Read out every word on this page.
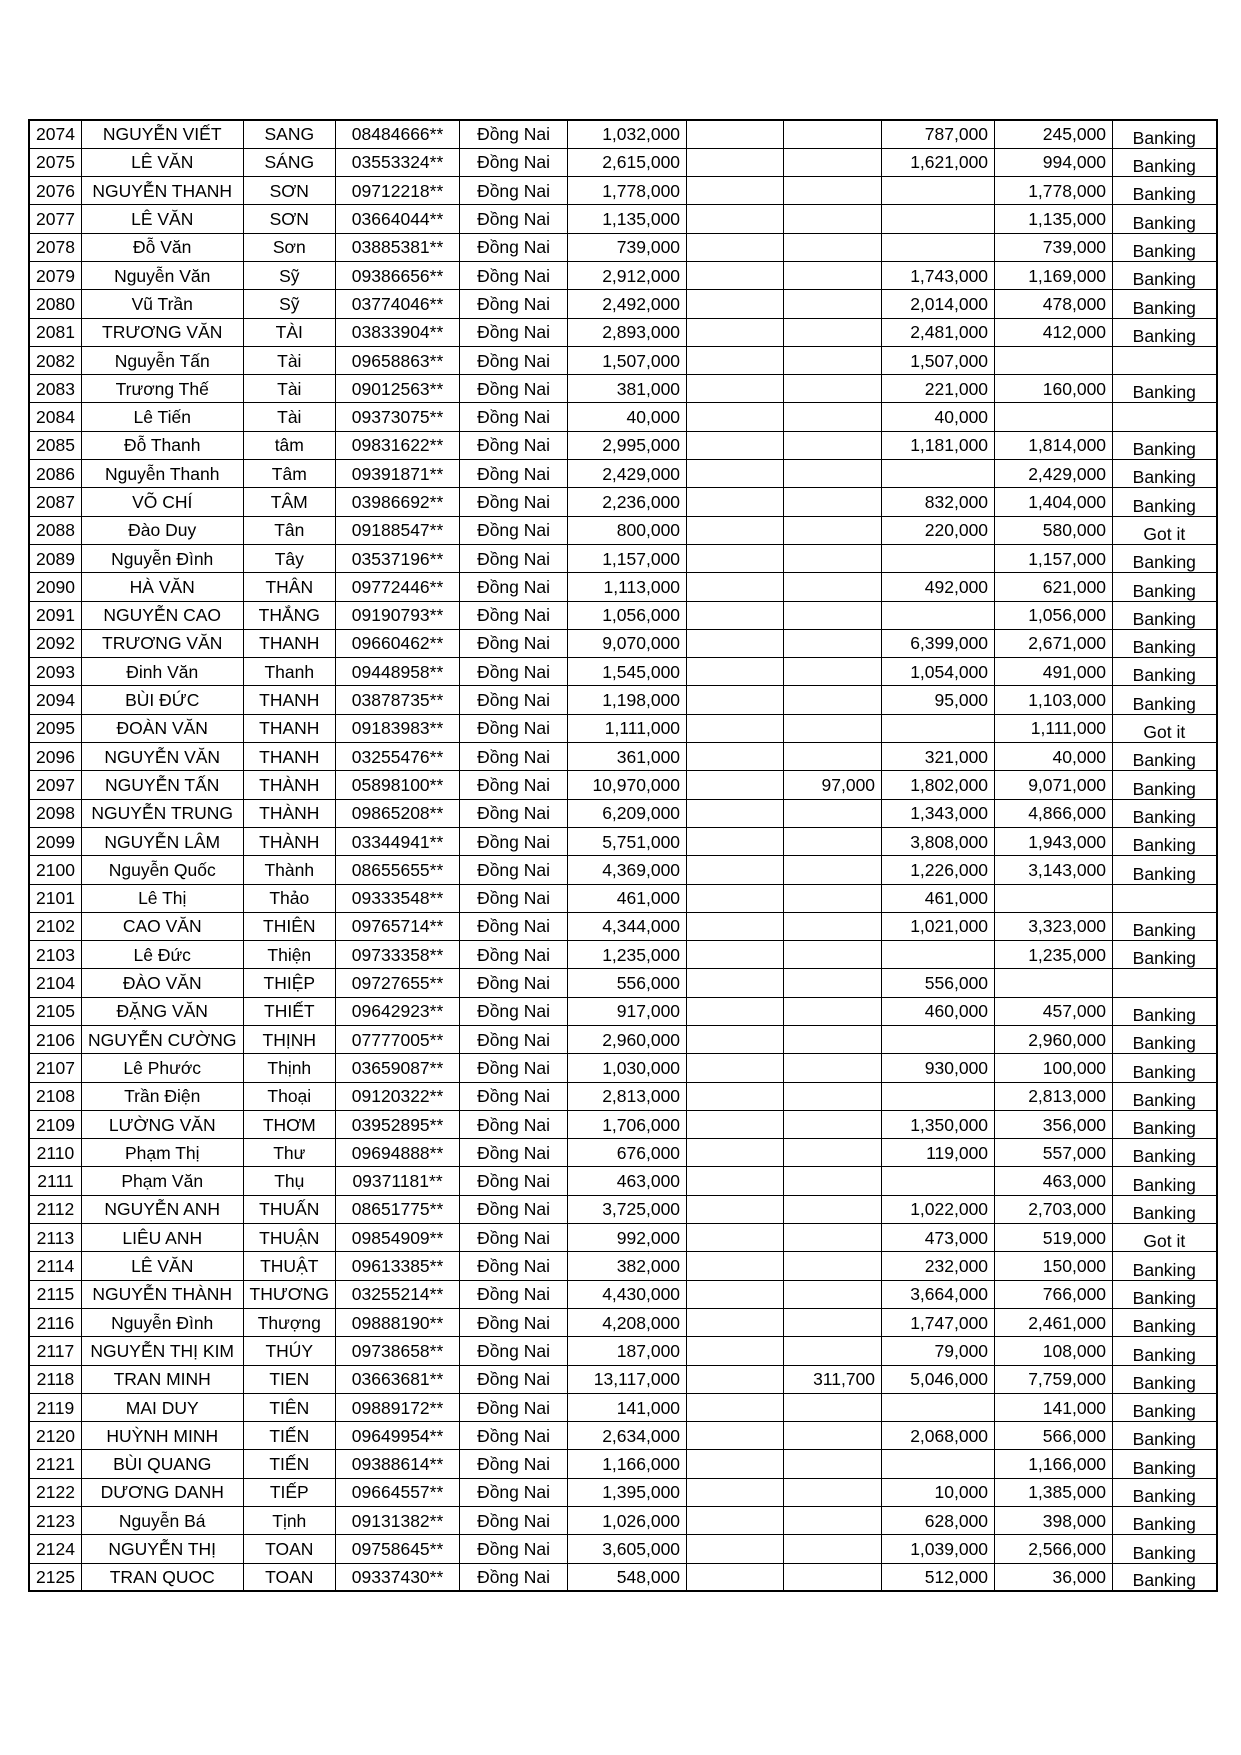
2074	NGUYỄN VIẾT	SANG	08484666**	Đồng Nai	1,032,000			787,000	245,000	Banking
2075	LÊ VĂN	SÁNG	03553324**	Đồng Nai	2,615,000			1,621,000	994,000	Banking
2076	NGUYỄN THANH	SƠN	09712218**	Đồng Nai	1,778,000				1,778,000	Banking
2077	LÊ VĂN	SƠN	03664044**	Đồng Nai	1,135,000				1,135,000	Banking
2078	Đỗ Văn	Sơn	03885381**	Đồng Nai	739,000				739,000	Banking
2079	Nguyễn Văn	Sỹ	09386656**	Đồng Nai	2,912,000			1,743,000	1,169,000	Banking
2080	Vũ Trần	Sỹ	03774046**	Đồng Nai	2,492,000			2,014,000	478,000	Banking
2081	TRƯƠNG VĂN	TÀI	03833904**	Đồng Nai	2,893,000			2,481,000	412,000	Banking
2082	Nguyễn Tấn	Tài	09658863**	Đồng Nai	1,507,000			1,507,000		
2083	Trương Thế	Tài	09012563**	Đồng Nai	381,000			221,000	160,000	Banking
2084	Lê Tiến	Tài	09373075**	Đồng Nai	40,000			40,000		
2085	Đỗ Thanh	tâm	09831622**	Đồng Nai	2,995,000			1,181,000	1,814,000	Banking
2086	Nguyễn Thanh	Tâm	09391871**	Đồng Nai	2,429,000				2,429,000	Banking
2087	VÕ CHÍ	TÂM	03986692**	Đồng Nai	2,236,000			832,000	1,404,000	Banking
2088	Đào Duy	Tân	09188547**	Đồng Nai	800,000			220,000	580,000	Got it
2089	Nguyễn Đình	Tây	03537196**	Đồng Nai	1,157,000				1,157,000	Banking
2090	HÀ VĂN	THÂN	09772446**	Đồng Nai	1,113,000			492,000	621,000	Banking
2091	NGUYỄN CAO	THẮNG	09190793**	Đồng Nai	1,056,000				1,056,000	Banking
2092	TRƯƠNG VĂN	THANH	09660462**	Đồng Nai	9,070,000			6,399,000	2,671,000	Banking
2093	Đinh Văn	Thanh	09448958**	Đồng Nai	1,545,000			1,054,000	491,000	Banking
2094	BÙI ĐỨC	THANH	03878735**	Đồng Nai	1,198,000			95,000	1,103,000	Banking
2095	ĐOÀN VĂN	THANH	09183983**	Đồng Nai	1,111,000				1,111,000	Got it
2096	NGUYỄN VĂN	THANH	03255476**	Đồng Nai	361,000			321,000	40,000	Banking
2097	NGUYỄN TẤN	THÀNH	05898100**	Đồng Nai	10,970,000		97,000	1,802,000	9,071,000	Banking
2098	NGUYỄN TRUNG	THÀNH	09865208**	Đồng Nai	6,209,000			1,343,000	4,866,000	Banking
2099	NGUYỄN LÂM	THÀNH	03344941**	Đồng Nai	5,751,000			3,808,000	1,943,000	Banking
2100	Nguyễn Quốc	Thành	08655655**	Đồng Nai	4,369,000			1,226,000	3,143,000	Banking
2101	Lê Thị	Thảo	09333548**	Đồng Nai	461,000			461,000		
2102	CAO VĂN	THIÊN	09765714**	Đồng Nai	4,344,000			1,021,000	3,323,000	Banking
2103	Lê Đức	Thiện	09733358**	Đồng Nai	1,235,000				1,235,000	Banking
2104	ĐÀO VĂN	THIỆP	09727655**	Đồng Nai	556,000			556,000		
2105	ĐẶNG VĂN	THIẾT	09642923**	Đồng Nai	917,000			460,000	457,000	Banking
2106	NGUYỄN CƯỜNG	THỊNH	07777005**	Đồng Nai	2,960,000				2,960,000	Banking
2107	Lê Phước	Thịnh	03659087**	Đồng Nai	1,030,000			930,000	100,000	Banking
2108	Trần Điện	Thoại	09120322**	Đồng Nai	2,813,000				2,813,000	Banking
2109	LƯỜNG VĂN	THƠM	03952895**	Đồng Nai	1,706,000			1,350,000	356,000	Banking
2110	Phạm Thị	Thư	09694888**	Đồng Nai	676,000			119,000	557,000	Banking
2111	Phạm Văn	Thụ	09371181**	Đồng Nai	463,000				463,000	Banking
2112	NGUYỄN ANH	THUẤN	08651775**	Đồng Nai	3,725,000			1,022,000	2,703,000	Banking
2113	LIÊU ANH	THUẬN	09854909**	Đồng Nai	992,000			473,000	519,000	Got it
2114	LÊ VĂN	THUẬT	09613385**	Đồng Nai	382,000			232,000	150,000	Banking
2115	NGUYỄN THÀNH	THƯƠNG	03255214**	Đồng Nai	4,430,000			3,664,000	766,000	Banking
2116	Nguyễn Đình	Thượng	09888190**	Đồng Nai	4,208,000			1,747,000	2,461,000	Banking
2117	NGUYỄN THỊ KIM	THÚY	09738658**	Đồng Nai	187,000			79,000	108,000	Banking
2118	TRAN MINH	TIEN	03663681**	Đồng Nai	13,117,000		311,700	5,046,000	7,759,000	Banking
2119	MAI DUY	TIÊN	09889172**	Đồng Nai	141,000				141,000	Banking
2120	HUỲNH MINH	TIẾN	09649954**	Đồng Nai	2,634,000			2,068,000	566,000	Banking
2121	BÙI QUANG	TIẾN	09388614**	Đồng Nai	1,166,000				1,166,000	Banking
2122	DƯƠNG DANH	TIẾP	09664557**	Đồng Nai	1,395,000			10,000	1,385,000	Banking
2123	Nguyễn Bá	Tịnh	09131382**	Đồng Nai	1,026,000			628,000	398,000	Banking
2124	NGUYỄN THỊ	TOAN	09758645**	Đồng Nai	3,605,000			1,039,000	2,566,000	Banking
2125	TRAN QUOC	TOAN	09337430**	Đồng Nai	548,000			512,000	36,000	Banking
